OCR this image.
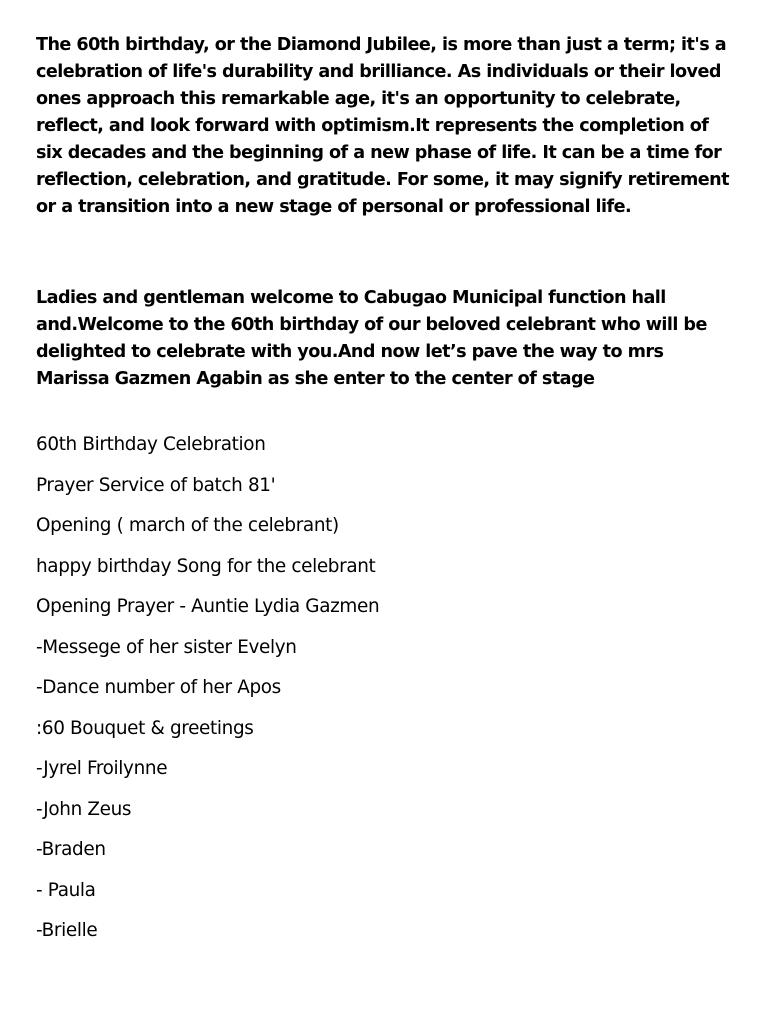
The 60th birthday, or the Diamond Jubilee, is more than just a term; it's a celebration of life's durability and brilliance. As individuals or their loved ones approach this remarkable age, it's an opportunity to celebrate, reflect, and look forward with optimism.It represents the completion of six decades and the beginning of a new phase of life. It can be a time for reflection, celebration, and gratitude. For some, it may signify retirement or a transition into a new stage of personal or professional life.

Ladies and gentleman welcome to Cabugao Municipal function hall and.Welcome to the 60th birthday of our beloved celebrant who will be delighted to celebrate with you.And now let’s pave the way to mrs Marissa Gazmen Agabin as she enter to the center of stage

60th Birthday Celebration
Prayer Service of batch 81'
Opening ( march of the celebrant)
happy birthday Song for the celebrant
Opening Prayer - Auntie Lydia Gazmen
-Messege of her sister Evelyn
-Dance number of her Apos
:60 Bouquet & greetings
-Jyrel Froilynne
-John Zeus
-Braden
- Paula
-Brielle
